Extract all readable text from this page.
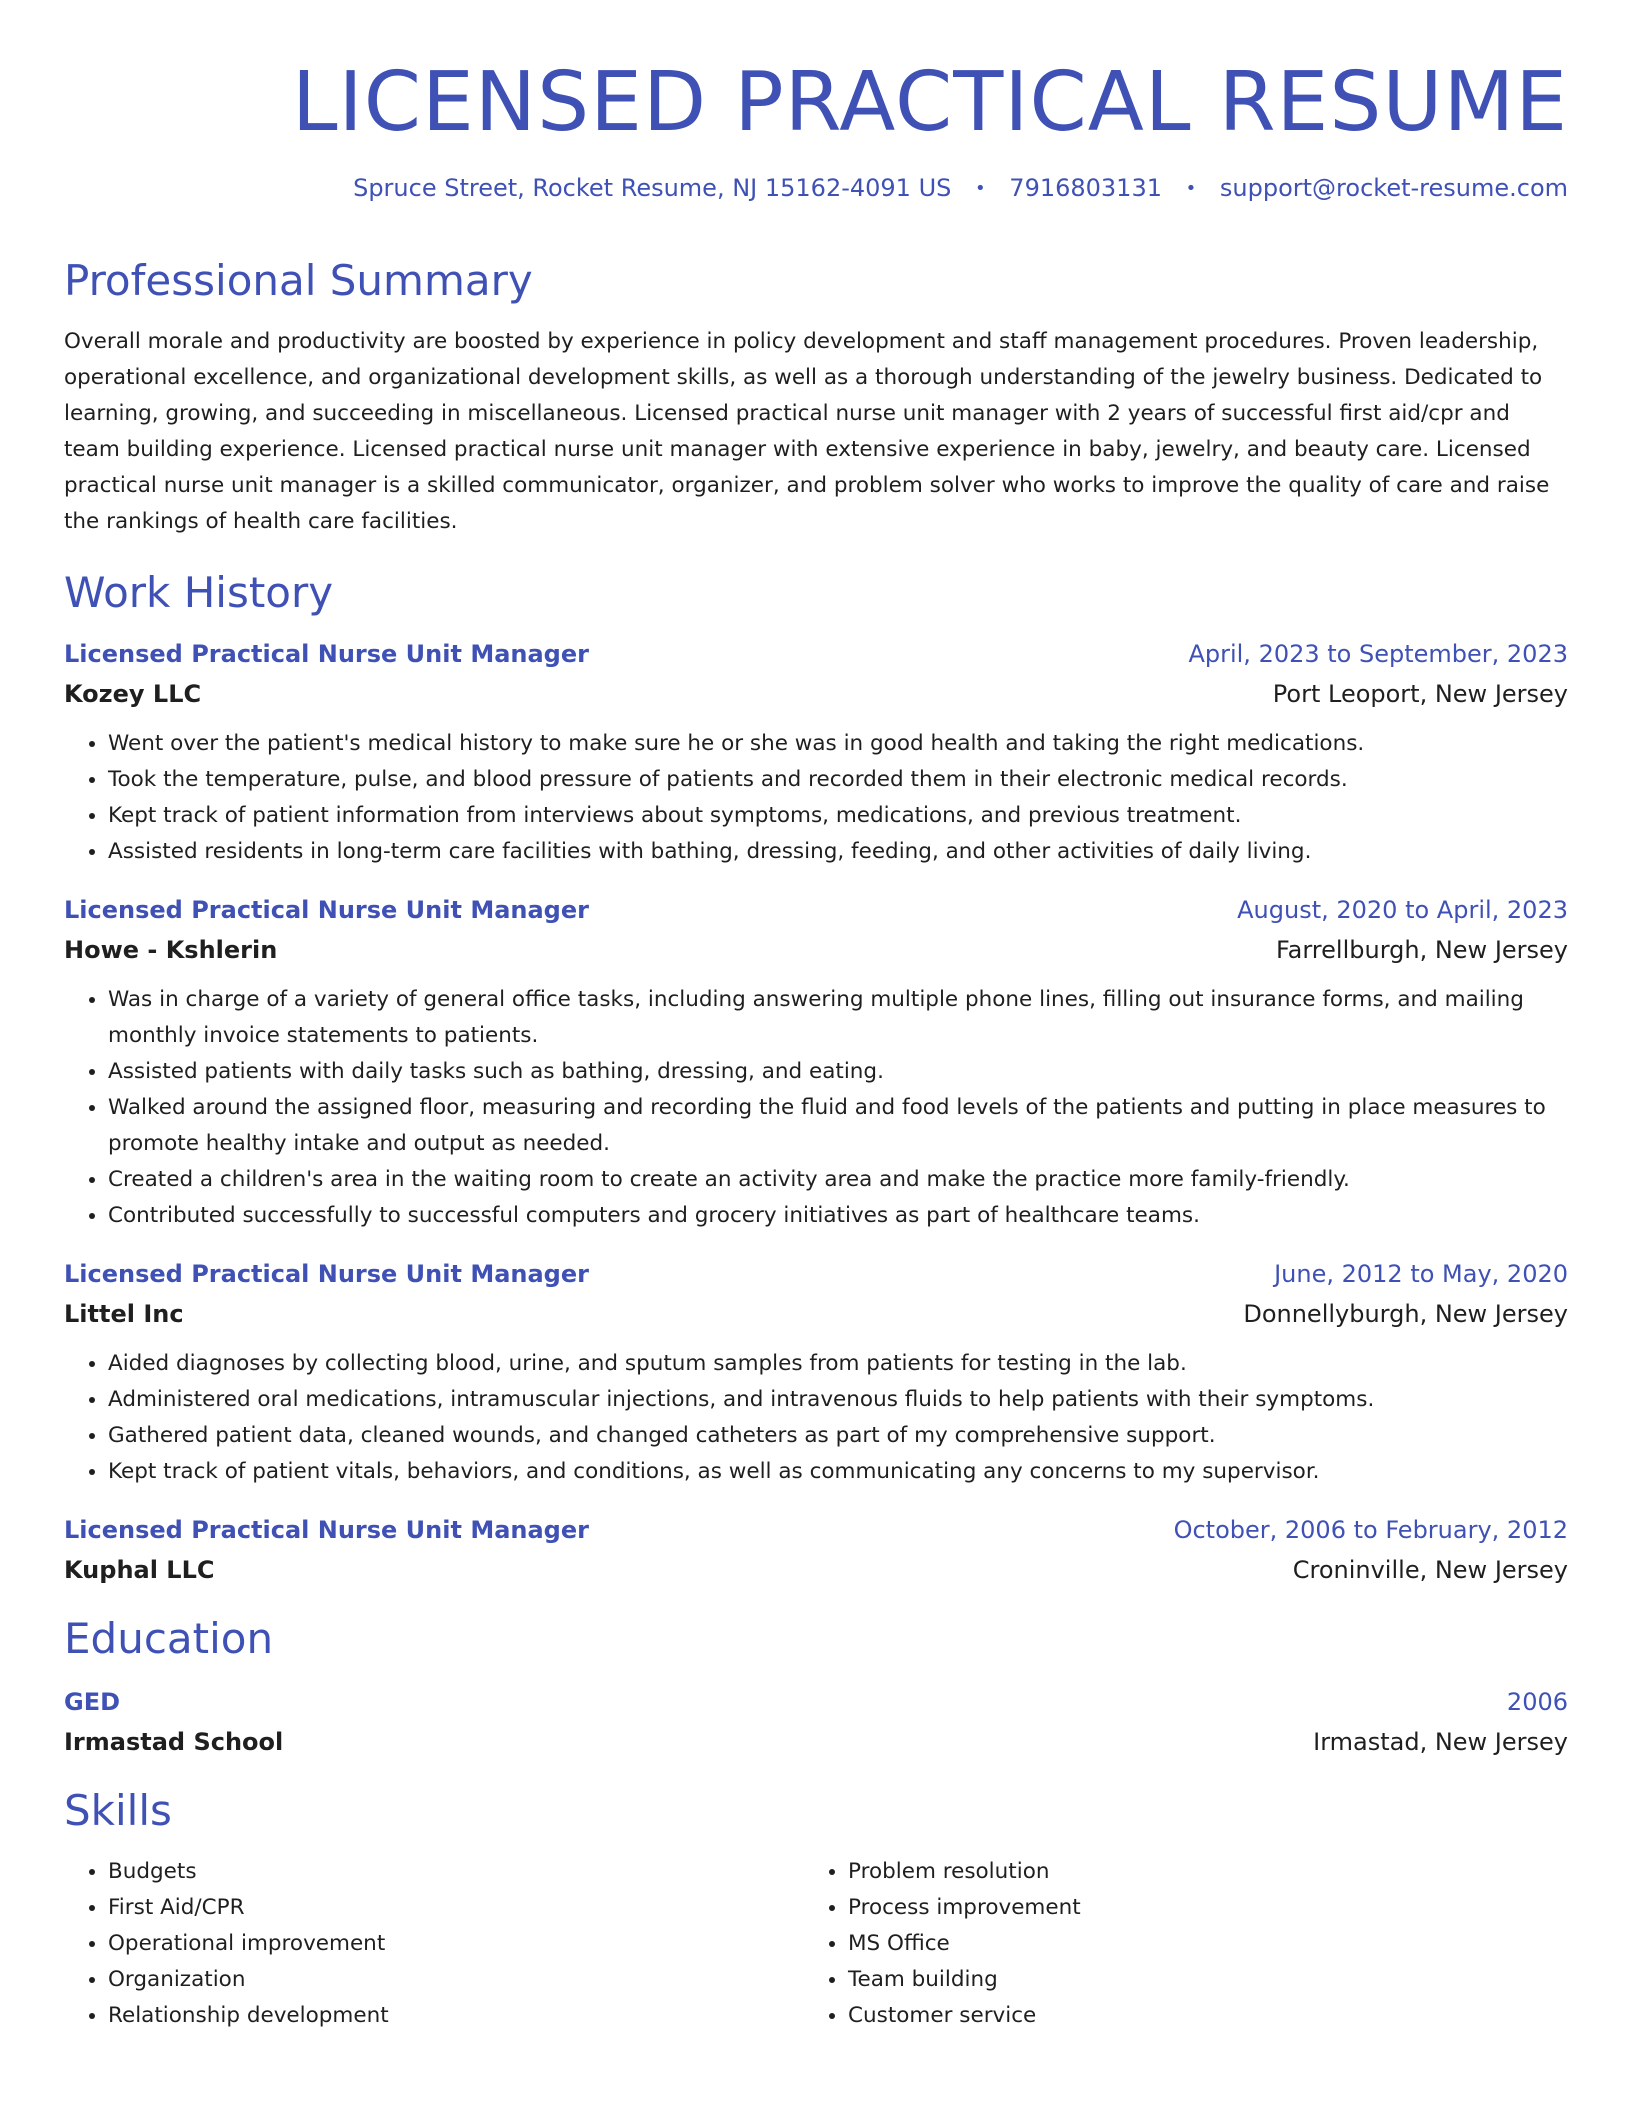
LICENSED PRACTICAL RESUME
Spruce Street, Rocket Resume, NJ 15162-4091 US • 7916803131 • support@rocket-resume.com
Professional Summary

Overall morale and productivity are boosted by experience in policy development and staff management procedures. Proven leadership, operational excellence, and organizational development skills, as well as a thorough understanding of the jewelry business. Dedicated to learning, growing, and succeeding in miscellaneous. Licensed practical nurse unit manager with 2 years of successful first aid/cpr and team building experience. Licensed practical nurse unit manager with extensive experience in baby, jewelry, and beauty care. Licensed practical nurse unit manager is a skilled communicator, organizer, and problem solver who works to improve the quality of care and raise the rankings of health care facilities.

Work History
Licensed Practical Nurse Unit Manager	April, 2023 to September, 2023
Kozey LLC	Port Leoport, New Jersey
• Went over the patient's medical history to make sure he or she was in good health and taking the right medications.
• Took the temperature, pulse, and blood pressure of patients and recorded them in their electronic medical records.
• Kept track of patient information from interviews about symptoms, medications, and previous treatment.
• Assisted residents in long-term care facilities with bathing, dressing, feeding, and other activities of daily living.
Licensed Practical Nurse Unit Manager	August, 2020 to April, 2023
Howe - Kshlerin	Farrellburgh, New Jersey
• Was in charge of a variety of general office tasks, including answering multiple phone lines, filling out insurance forms, and mailing monthly invoice statements to patients.
• Assisted patients with daily tasks such as bathing, dressing, and eating.
• Walked around the assigned floor, measuring and recording the fluid and food levels of the patients and putting in place measures to promote healthy intake and output as needed.
• Created a children's area in the waiting room to create an activity area and make the practice more family-friendly.
• Contributed successfully to successful computers and grocery initiatives as part of healthcare teams.
Licensed Practical Nurse Unit Manager	June, 2012 to May, 2020
Littel Inc	Donnellyburgh, New Jersey
• Aided diagnoses by collecting blood, urine, and sputum samples from patients for testing in the lab.
• Administered oral medications, intramuscular injections, and intravenous fluids to help patients with their symptoms.
• Gathered patient data, cleaned wounds, and changed catheters as part of my comprehensive support.
• Kept track of patient vitals, behaviors, and conditions, as well as communicating any concerns to my supervisor.
Licensed Practical Nurse Unit Manager	October, 2006 to February, 2012
Kuphal LLC	Croninville, New Jersey
Education
GED	2006
Irmastad School	Irmastad, New Jersey
Skills
• Budgets
• First Aid/CPR
• Operational improvement
• Organization
• Relationship development
• Problem resolution
• Process improvement
• MS Office
• Team building
• Customer service
